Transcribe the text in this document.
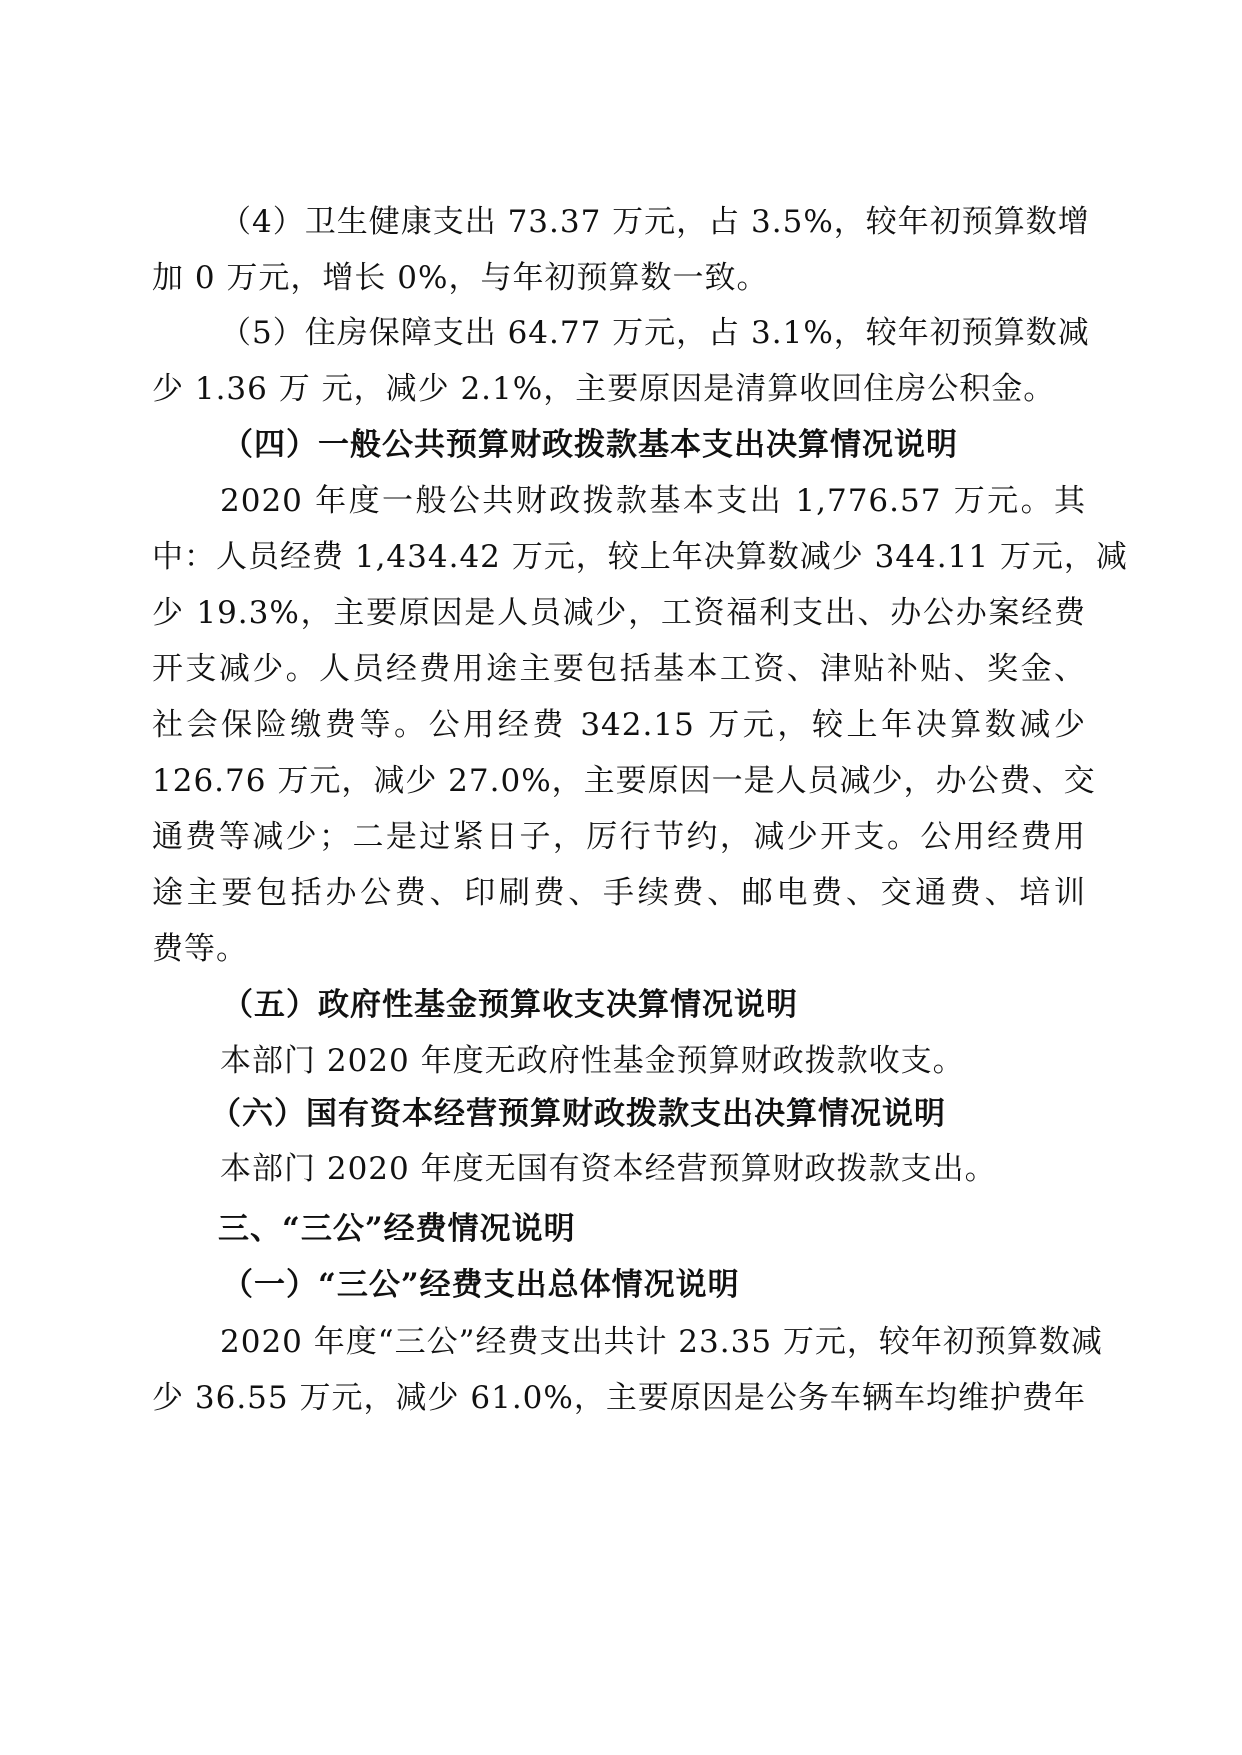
（4）卫生健康支出 73.37 万元，占 3.5%，较年初预算数增
加 0 万元，增长 0%，与年初预算数一致。
（5）住房保障支出 64.77 万元，占 3.1%，较年初预算数减
少 1.36 万 元，减少 2.1%，主要原因是清算收回住房公积金。
（四）一般公共预算财政拨款基本支出决算情况说明
2020 年度一般公共财政拨款基本支出 1,776.57 万元。其
中：人员经费 1,434.42 万元，较上年决算数减少 344.11 万元，减
少 19.3%，主要原因是人员减少，工资福利支出、办公办案经费
开支减少。人员经费用途主要包括基本工资、津贴补贴、奖金、
社会保险缴费等。公用经费 342.15 万元，较上年决算数减少
126.76 万元，减少 27.0%，主要原因一是人员减少，办公费、交
通费等减少；二是过紧日子，厉行节约，减少开支。公用经费用
途主要包括办公费、印刷费、手续费、邮电费、交通费、培训
费等。
（五）政府性基金预算收支决算情况说明
本部门 2020 年度无政府性基金预算财政拨款收支。
（六）国有资本经营预算财政拨款支出决算情况说明
本部门 2020 年度无国有资本经营预算财政拨款支出。
三、“三公”经费情况说明
（一）“三公”经费支出总体情况说明
2020 年度“三公”经费支出共计 23.35 万元，较年初预算数减
少 36.55 万元，减少 61.0%，主要原因是公务车辆车均维护费年
